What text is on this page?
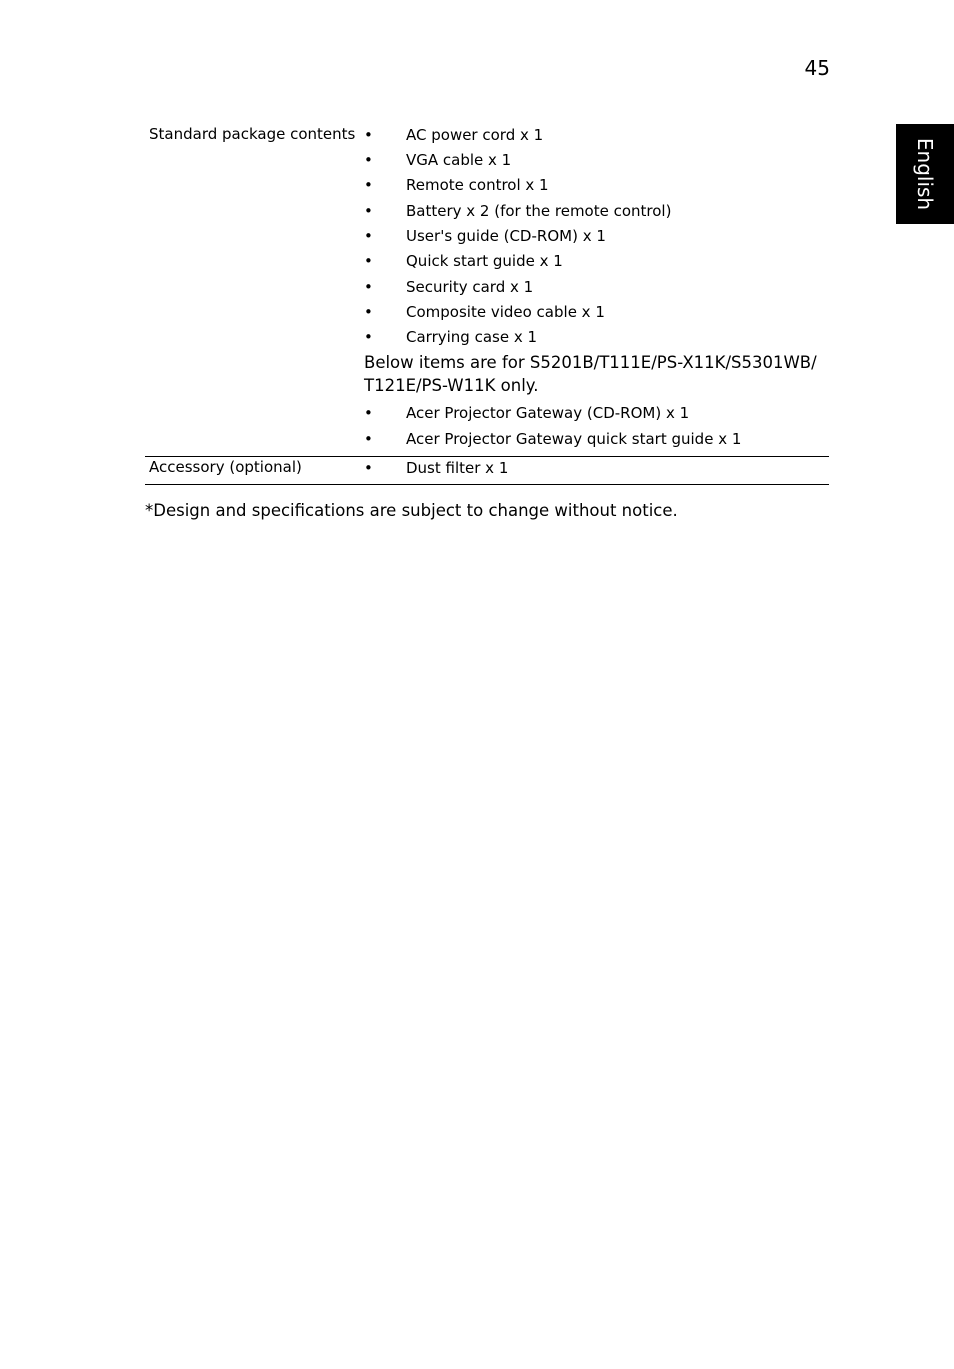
45
English
Standard package contents • AC power cord x 1
• VGA cable x 1
• Remote control x 1
• Battery x 2 (for the remote control)
• User's guide (CD-ROM) x 1
• Quick start guide x 1
• Security card x 1
• Composite video cable x 1
• Carrying case x 1
Below items are for S5201B/T111E/PS-X11K/S5301WB/
T121E/PS-W11K only.
• Acer Projector Gateway (CD-ROM) x 1
• Acer Projector Gateway quick start guide x 1
Accessory (optional)	• Dust filter x 1
*Design and specifications are subject to change without notice.
